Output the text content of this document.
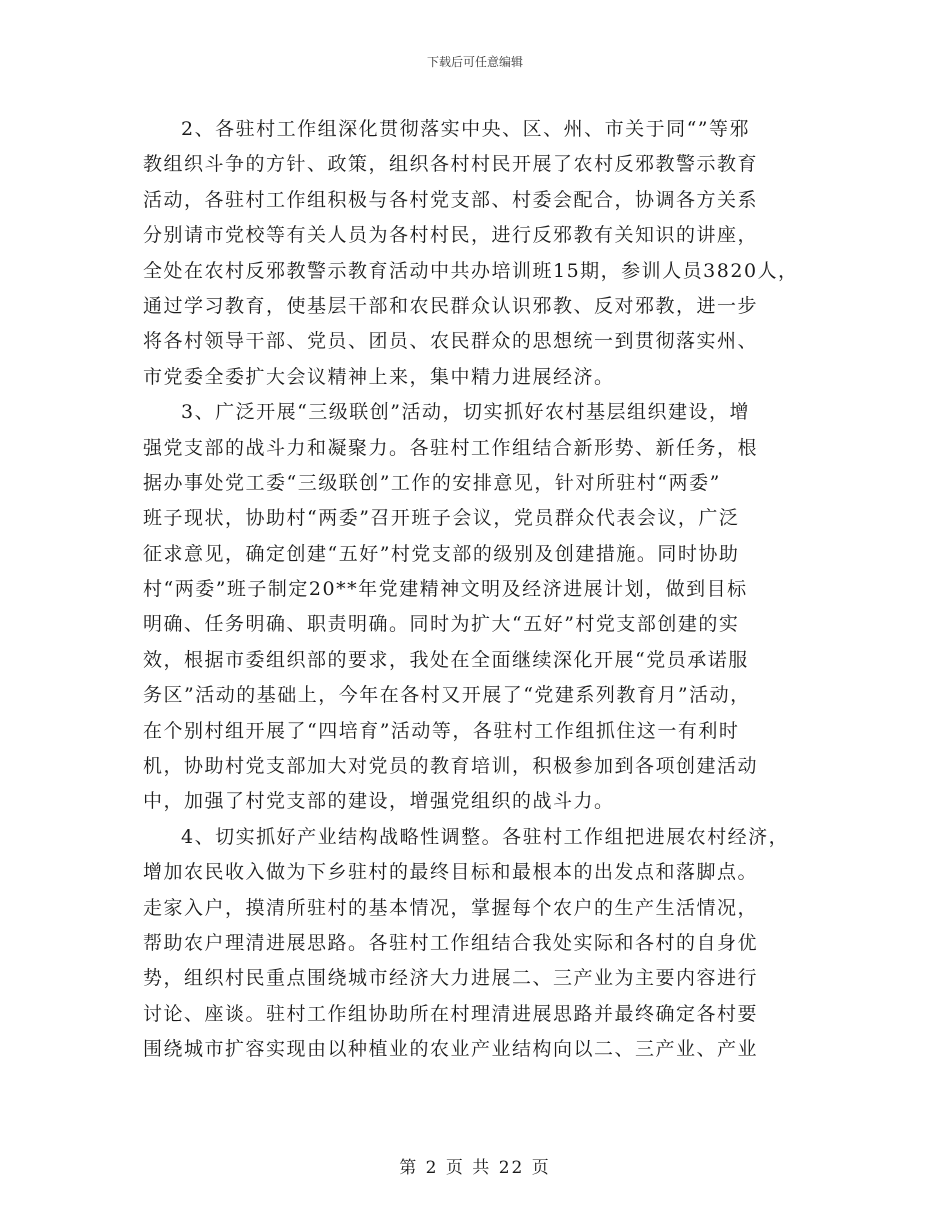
下载后可任意编辑
2、各驻村工作组深化贯彻落实中央、区、州、市关于同“”等邪
教组织斗争的方针、政策，组织各村村民开展了农村反邪教警示教育
活动，各驻村工作组积极与各村党支部、村委会配合，协调各方关系
分别请市党校等有关人员为各村村民，进行反邪教有关知识的讲座，
全处在农村反邪教警示教育活动中共办培训班15期，参训人员3820人，
通过学习教育，使基层干部和农民群众认识邪教、反对邪教，进一步
将各村领导干部、党员、团员、农民群众的思想统一到贯彻落实州、
市党委全委扩大会议精神上来，集中精力进展经济。
3、广泛开展“三级联创”活动，切实抓好农村基层组织建设，增
强党支部的战斗力和凝聚力。各驻村工作组结合新形势、新任务，根
据办事处党工委“三级联创”工作的安排意见，针对所驻村“两委”
班子现状，协助村“两委”召开班子会议，党员群众代表会议，广泛
征求意见，确定创建“五好”村党支部的级别及创建措施。同时协助
村“两委”班子制定20**年党建精神文明及经济进展计划，做到目标
明确、任务明确、职责明确。同时为扩大“五好”村党支部创建的实
效，根据市委组织部的要求，我处在全面继续深化开展“党员承诺服
务区”活动的基础上，今年在各村又开展了“党建系列教育月”活动，
在个别村组开展了“四培育”活动等，各驻村工作组抓住这一有利时
机，协助村党支部加大对党员的教育培训，积极参加到各项创建活动
中，加强了村党支部的建设，增强党组织的战斗力。
4、切实抓好产业结构战略性调整。各驻村工作组把进展农村经济，
增加农民收入做为下乡驻村的最终目标和最根本的出发点和落脚点。
走家入户，摸清所驻村的基本情况，掌握每个农户的生产生活情况，
帮助农户理清进展思路。各驻村工作组结合我处实际和各村的自身优
势，组织村民重点围绕城市经济大力进展二、三产业为主要内容进行
讨论、座谈。驻村工作组协助所在村理清进展思路并最终确定各村要
围绕城市扩容实现由以种植业的农业产业结构向以二、三产业、产业
第 2 页 共 22 页
